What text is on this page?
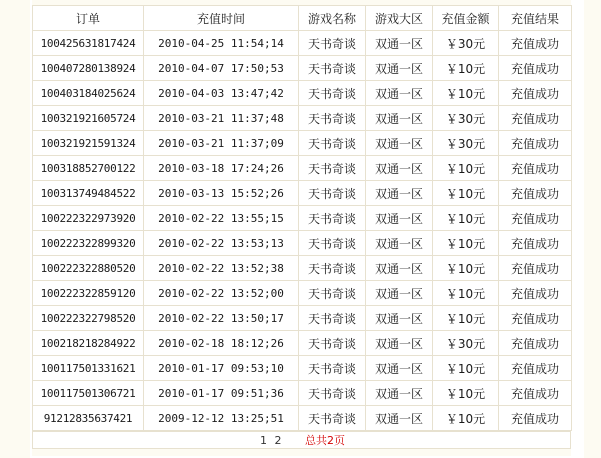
订单	充值时间	游戏名称	游戏大区	充值金额	充值结果
100425631817424	2010-04-25 11:54;14	天书奇谈	双通一区	￥30元	充值成功
100407280138924	2010-04-07 17:50;53	天书奇谈	双通一区	￥10元	充值成功
100403184025624	2010-04-03 13:47;42	天书奇谈	双通一区	￥10元	充值成功
100321921605724	2010-03-21 11:37;48	天书奇谈	双通一区	￥30元	充值成功
100321921591324	2010-03-21 11:37;09	天书奇谈	双通一区	￥30元	充值成功
100318852700122	2010-03-18 17:24;26	天书奇谈	双通一区	￥10元	充值成功
100313749484522	2010-03-13 15:52;26	天书奇谈	双通一区	￥10元	充值成功
100222322973920	2010-02-22 13:55;15	天书奇谈	双通一区	￥10元	充值成功
100222322899320	2010-02-22 13:53;13	天书奇谈	双通一区	￥10元	充值成功
100222322880520	2010-02-22 13:52;38	天书奇谈	双通一区	￥10元	充值成功
100222322859120	2010-02-22 13:52;00	天书奇谈	双通一区	￥10元	充值成功
100222322798520	2010-02-22 13:50;17	天书奇谈	双通一区	￥10元	充值成功
100218218284922	2010-02-18 18:12;26	天书奇谈	双通一区	￥30元	充值成功
100117501331621	2010-01-17 09:53;10	天书奇谈	双通一区	￥10元	充值成功
100117501306721	2010-01-17 09:51;36	天书奇谈	双通一区	￥10元	充值成功
91212835637421	2009-12-12 13:25;51	天书奇谈	双通一区	￥10元	充值成功
1 2 总共2页
